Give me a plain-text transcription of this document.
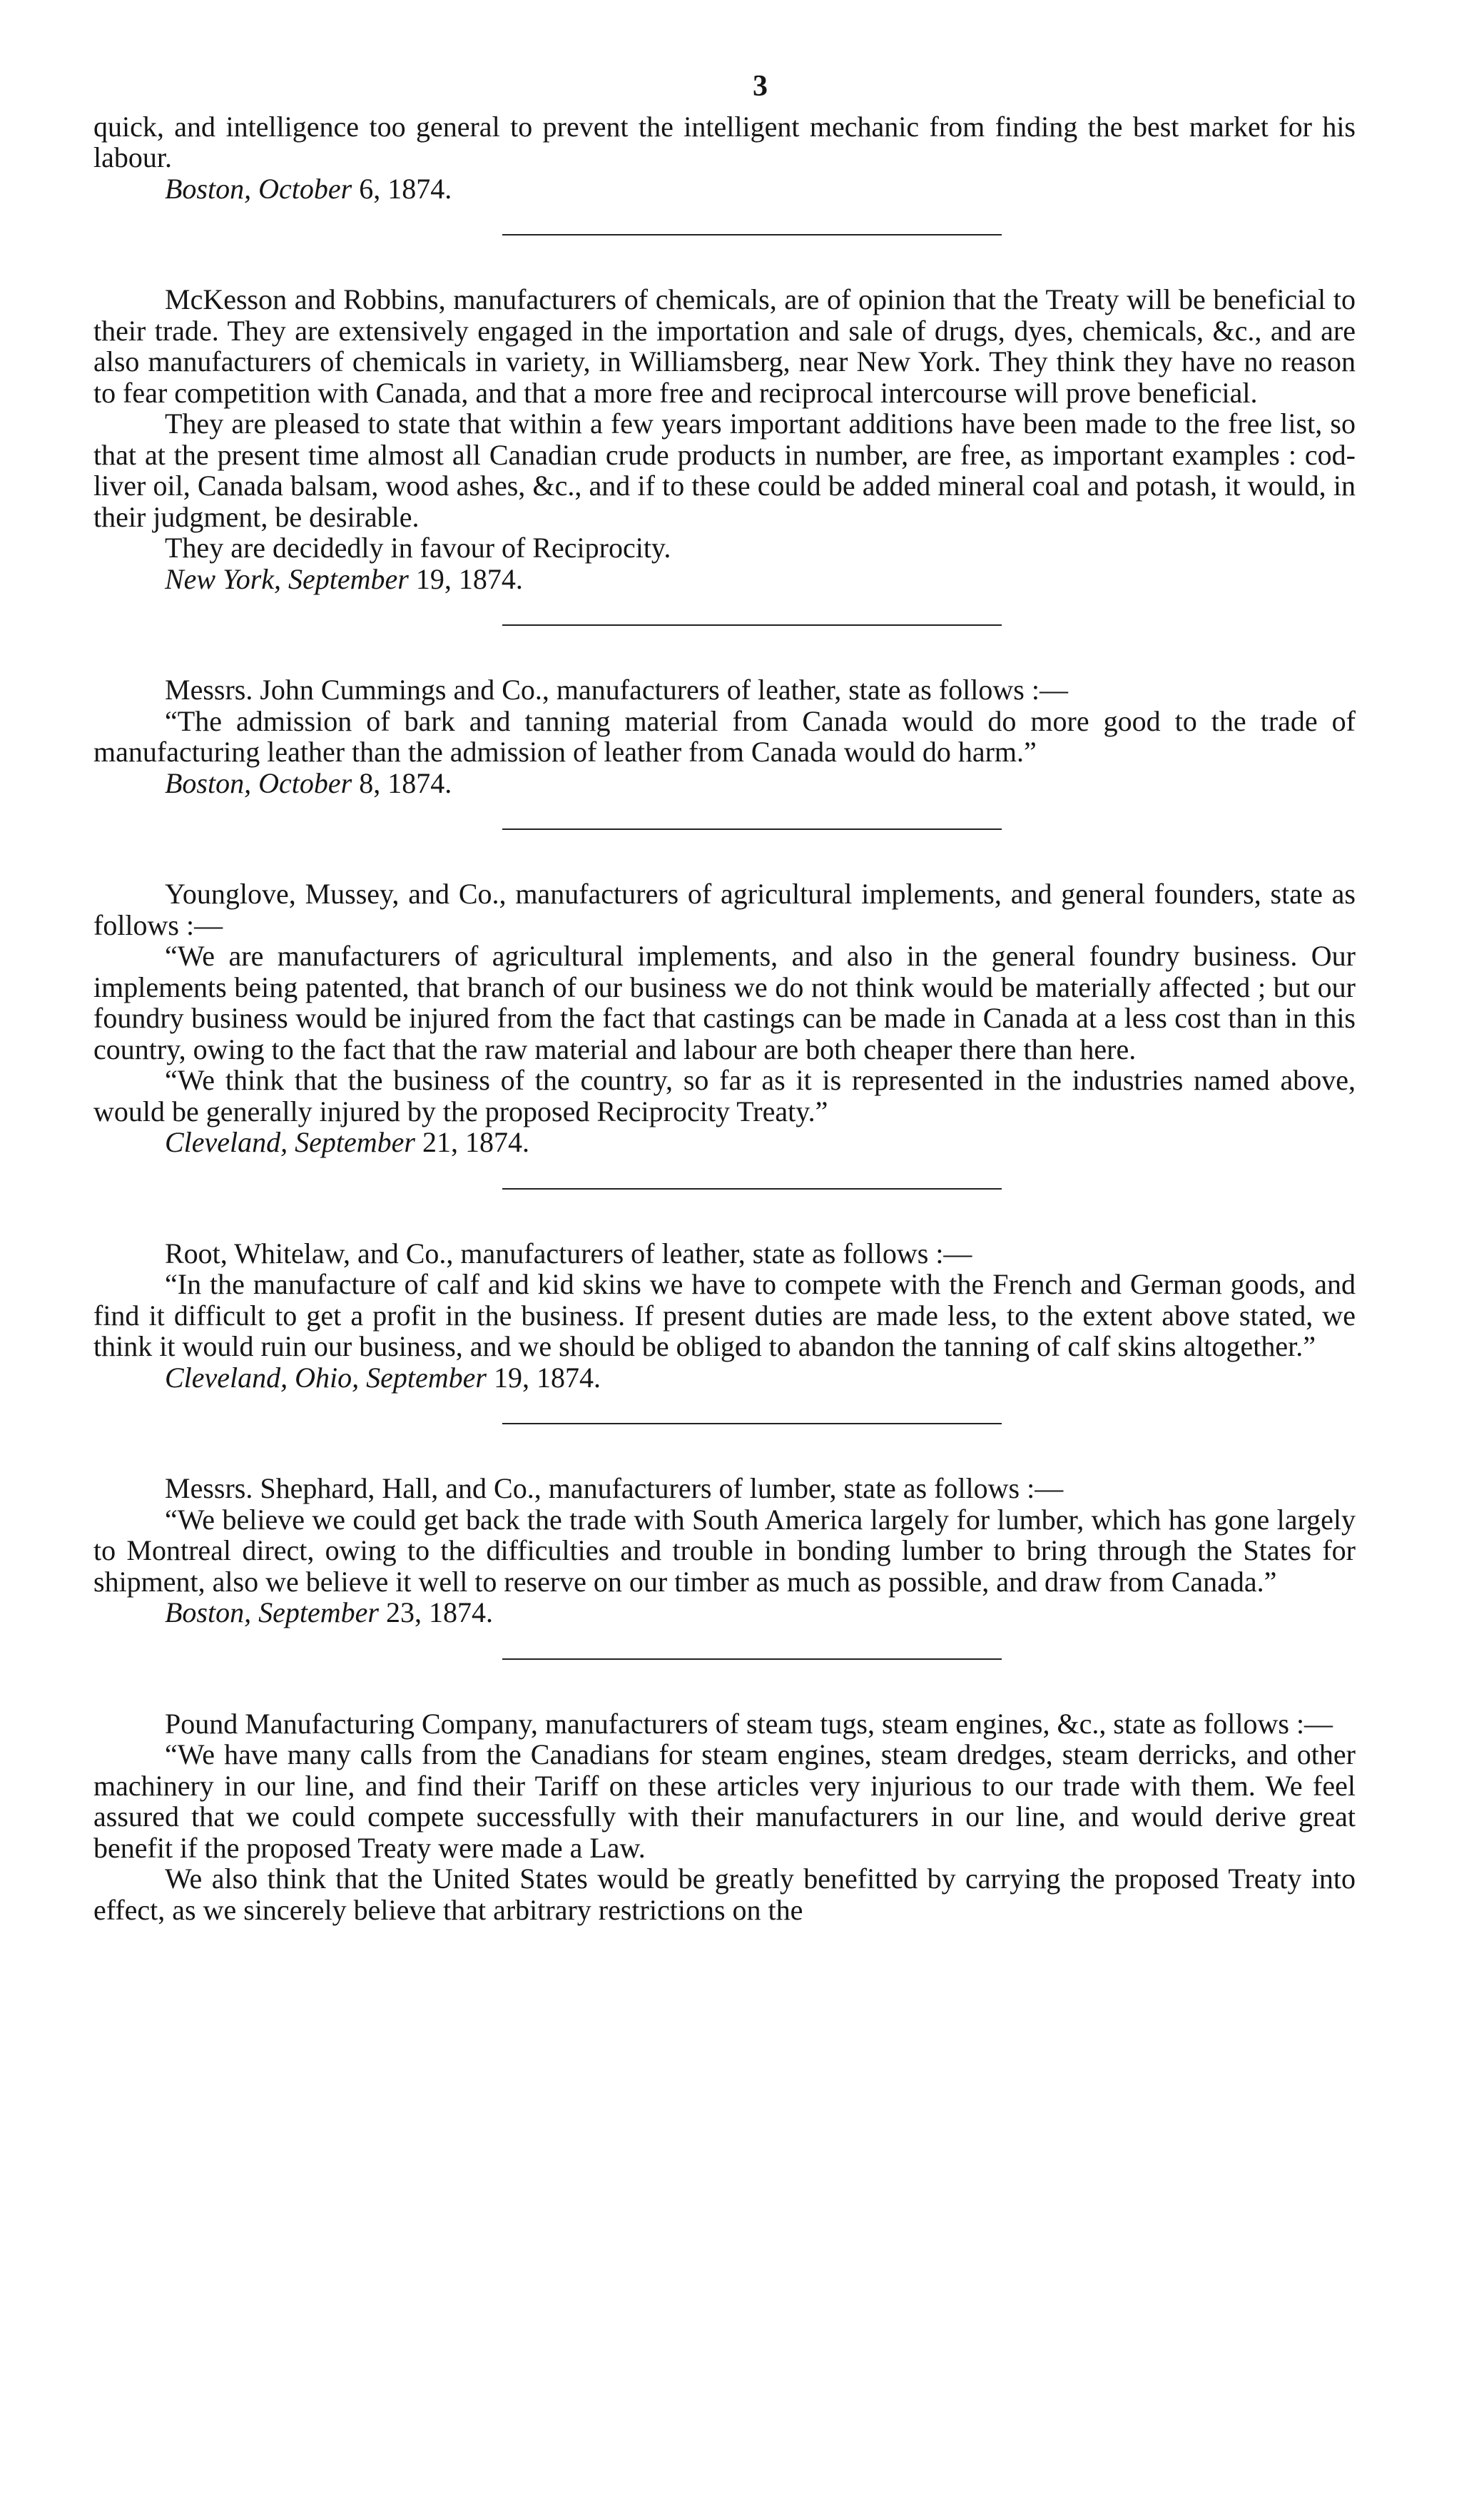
3

quick, and intelligence too general to prevent the intelligent mechanic from finding the best market for his labour.

Boston, October 6, 1874.

McKesson and Robbins, manufacturers of chemicals, are of opinion that the Treaty will be beneficial to their trade. They are extensively engaged in the importation and sale of drugs, dyes, chemicals, &c., and are also manufacturers of chemicals in variety, in Williamsberg, near New York. They think they have no reason to fear competition with Canada, and that a more free and reciprocal intercourse will prove beneficial.

They are pleased to state that within a few years important additions have been made to the free list, so that at the present time almost all Canadian crude products in number, are free, as important examples : cod-liver oil, Canada balsam, wood ashes, &c., and if to these could be added mineral coal and potash, it would, in their judgment, be desirable.

They are decidedly in favour of Reciprocity.

New York, September 19, 1874.

Messrs. John Cummings and Co., manufacturers of leather, state as follows :—

“The admission of bark and tanning material from Canada would do more good to the trade of manufacturing leather than the admission of leather from Canada would do harm.”

Boston, October 8, 1874.

Younglove, Mussey, and Co., manufacturers of agricultural implements, and general founders, state as follows :—

“We are manufacturers of agricultural implements, and also in the general foundry business. Our implements being patented, that branch of our business we do not think would be materially affected ; but our foundry business would be injured from the fact that castings can be made in Canada at a less cost than in this country, owing to the fact that the raw material and labour are both cheaper there than here.

“We think that the business of the country, so far as it is represented in the industries named above, would be generally injured by the proposed Reciprocity Treaty.”

Cleveland, September 21, 1874.

Root, Whitelaw, and Co., manufacturers of leather, state as follows :—

“In the manufacture of calf and kid skins we have to compete with the French and German goods, and find it difficult to get a profit in the business. If present duties are made less, to the extent above stated, we think it would ruin our business, and we should be obliged to abandon the tanning of calf skins altogether.”

Cleveland, Ohio, September 19, 1874.

Messrs. Shephard, Hall, and Co., manufacturers of lumber, state as follows :—

“We believe we could get back the trade with South America largely for lumber, which has gone largely to Montreal direct, owing to the difficulties and trouble in bonding lumber to bring through the States for shipment, also we believe it well to reserve on our timber as much as possible, and draw from Canada.”

Boston, September 23, 1874.

Pound Manufacturing Company, manufacturers of steam tugs, steam engines, &c., state as follows :—

“We have many calls from the Canadians for steam engines, steam dredges, steam derricks, and other machinery in our line, and find their Tariff on these articles very injurious to our trade with them. We feel assured that we could compete successfully with their manufacturers in our line, and would derive great benefit if the proposed Treaty were made a Law.

We also think that the United States would be greatly benefitted by carrying the proposed Treaty into effect, as we sincerely believe that arbitrary restrictions on the
